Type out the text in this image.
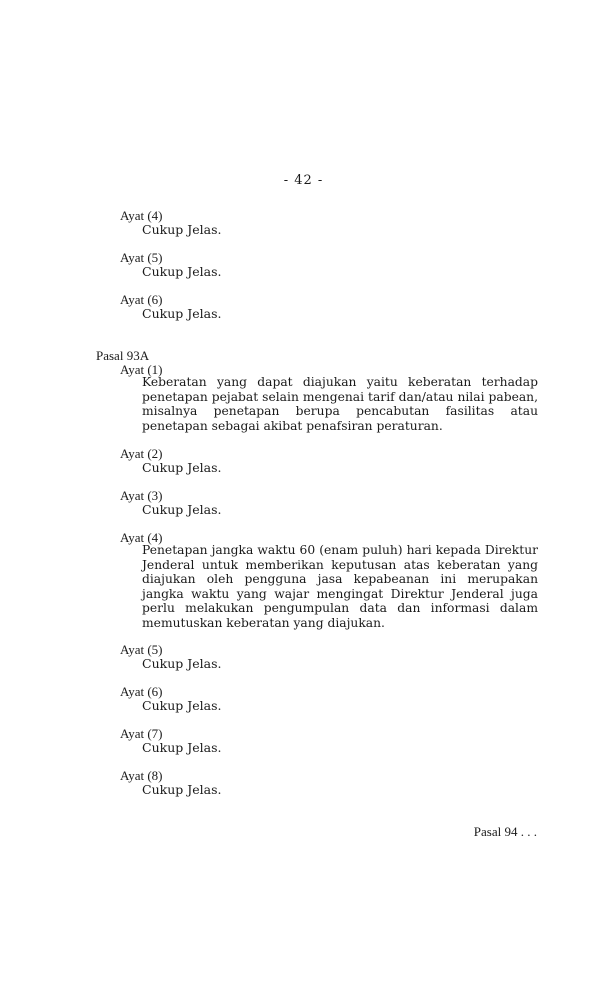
- 42 -
Ayat (4)
Cukup Jelas.
Ayat (5)
Cukup Jelas.
Ayat (6)
Cukup Jelas.
Pasal 93A
Ayat (1)
Keberatan yang dapat diajukan yaitu keberatan terhadap penetapan pejabat selain mengenai tarif dan/atau nilai pabean, misalnya penetapan berupa pencabutan fasilitas atau penetapan sebagai akibat penafsiran peraturan.
Ayat (2)
Cukup Jelas.
Ayat (3)
Cukup Jelas.
Ayat (4)
Penetapan jangka waktu 60 (enam puluh) hari kepada Direktur Jenderal untuk memberikan keputusan atas keberatan yang diajukan oleh pengguna jasa kepabeanan ini merupakan jangka waktu yang wajar mengingat Direktur Jenderal juga perlu melakukan pengumpulan data dan informasi dalam memutuskan keberatan yang diajukan.
Ayat (5)
Cukup Jelas.
Ayat (6)
Cukup Jelas.
Ayat (7)
Cukup Jelas.
Ayat (8)
Cukup Jelas.
Pasal 94 . . .
